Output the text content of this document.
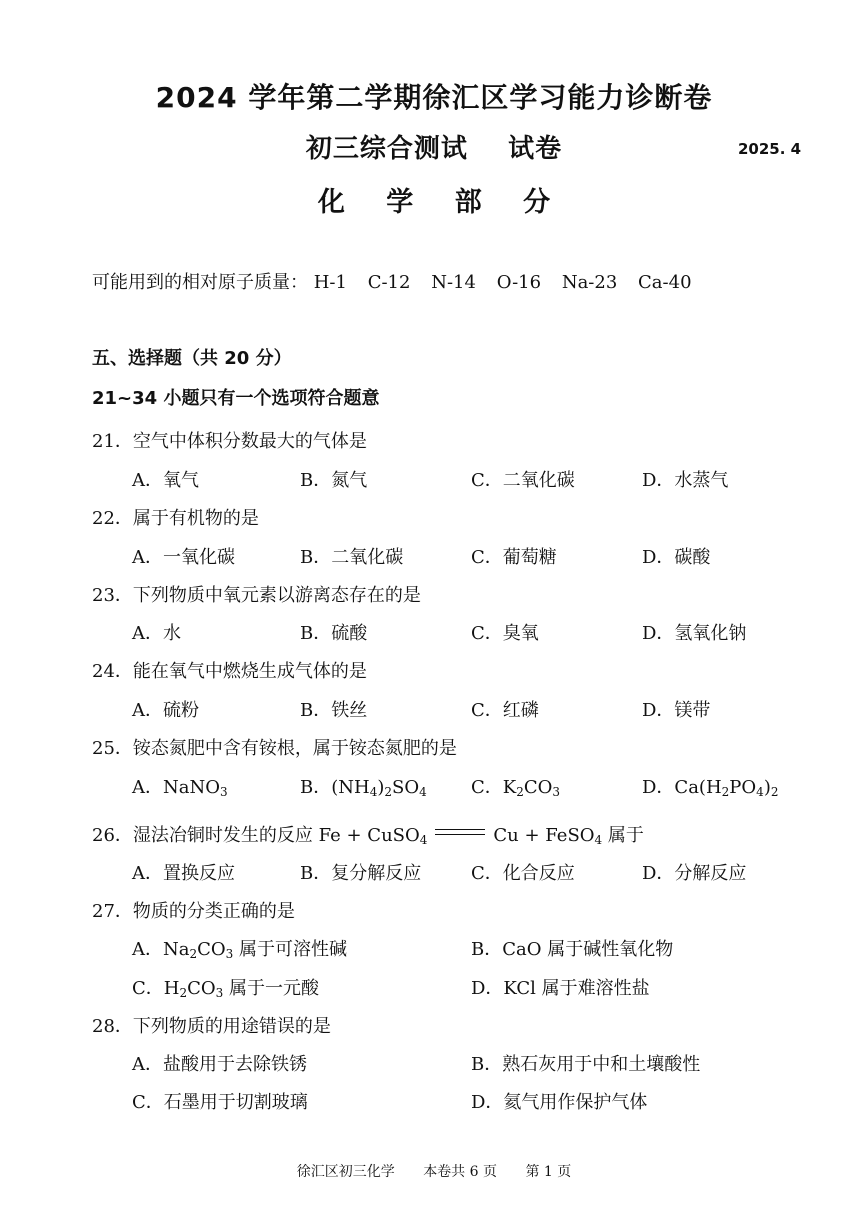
2024 学年第二学期徐汇区学习能力诊断卷
初三综合测试 试卷	2025. 4
化 学 部 分
可能用到的相对原子质量： H-1 C-12 N-14 O-16 Na-23 Ca-40
五、选择题（共 20 分）
21~34 小题只有一个选项符合题意
21．空气中体积分数最大的气体是
A．氧气	B．氮气	C．二氧化碳	D．水蒸气
22．属于有机物的是
A．一氧化碳	B．二氧化碳	C．葡萄糖	D．碳酸
23．下列物质中氧元素以游离态存在的是
A．水	B．硫酸	C．臭氧	D．氢氧化钠
24．能在氧气中燃烧生成气体的是
A．硫粉	B．铁丝	C．红磷	D．镁带
25．铵态氮肥中含有铵根，属于铵态氮肥的是
A．NaNO$_3$	B．$(NH_4)_2SO_4$ C．$K_2CO_3$	D．$Ca(H_2PO_4)_2$
26．湿法冶铜时发生的反应 Fe + CuSO$_4$	Cu + FeSO$_4$ 属于
A．置换反应	B．复分解反应	C．化合反应	D．分解反应
27．物质的分类正确的是
A．$Na_2CO_3$ 属于可溶性碱	B．CaO 属于碱性氧化物
C．$H_2CO_3$ 属于一元酸	D．KCl 属于难溶性盐
28．下列物质的用途错误的是
A．盐酸用于去除铁锈	B．熟石灰用于中和土壤酸性
C．石墨用于切割玻璃	D．氦气用作保护气体
徐汇区初三化学 本卷共 6 页 第 1 页
